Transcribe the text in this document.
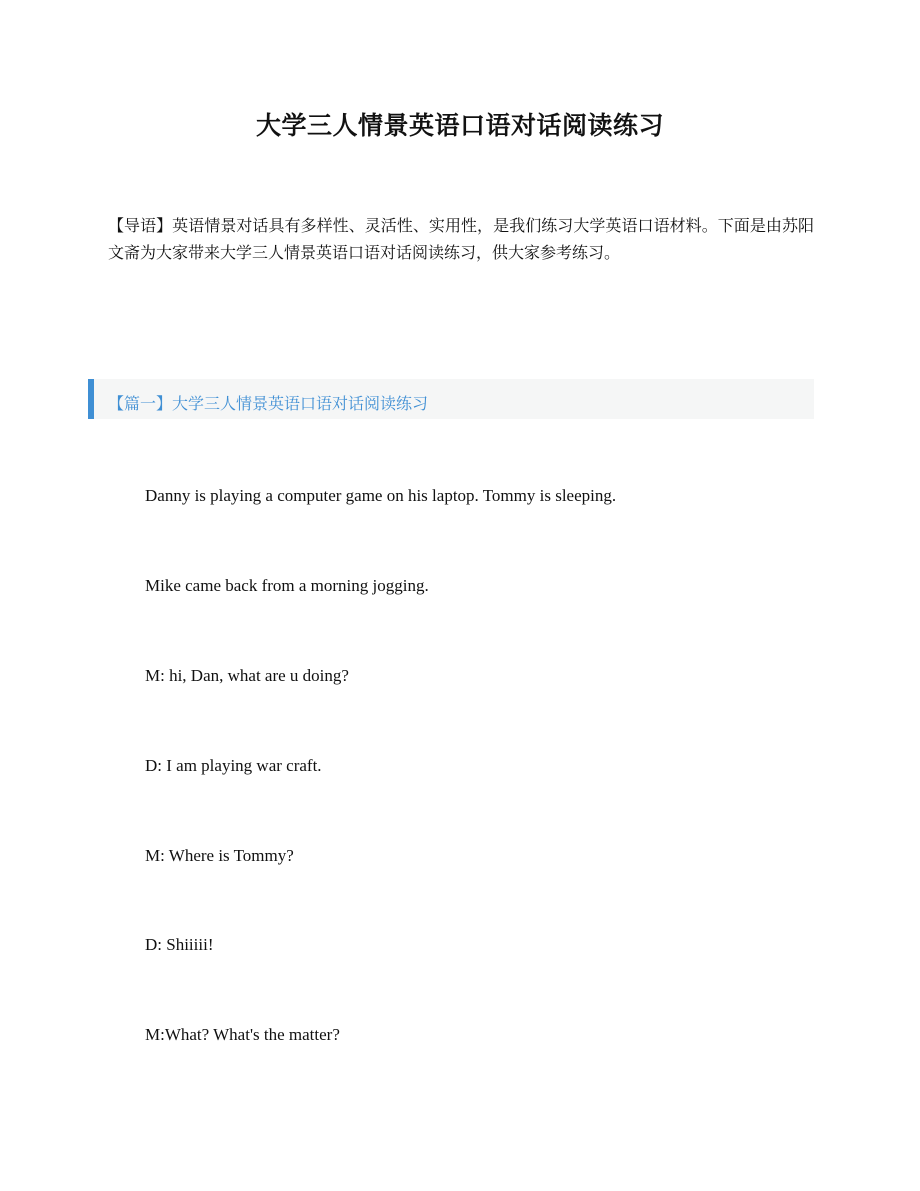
大学三人情景英语口语对话阅读练习
【导语】英语情景对话具有多样性、灵活性、实用性，是我们练习大学英语口语材料。下面是由苏阳文斋为大家带来大学三人情景英语口语对话阅读练习，供大家参考练习。
【篇一】大学三人情景英语口语对话阅读练习
Danny is playing a computer game on his laptop. Tommy is sleeping.
Mike came back from a morning jogging.
M: hi, Dan, what are u doing?
D: I am playing war craft.
M: Where is Tommy?
D: Shiiiii!
M:What? What's the matter?
